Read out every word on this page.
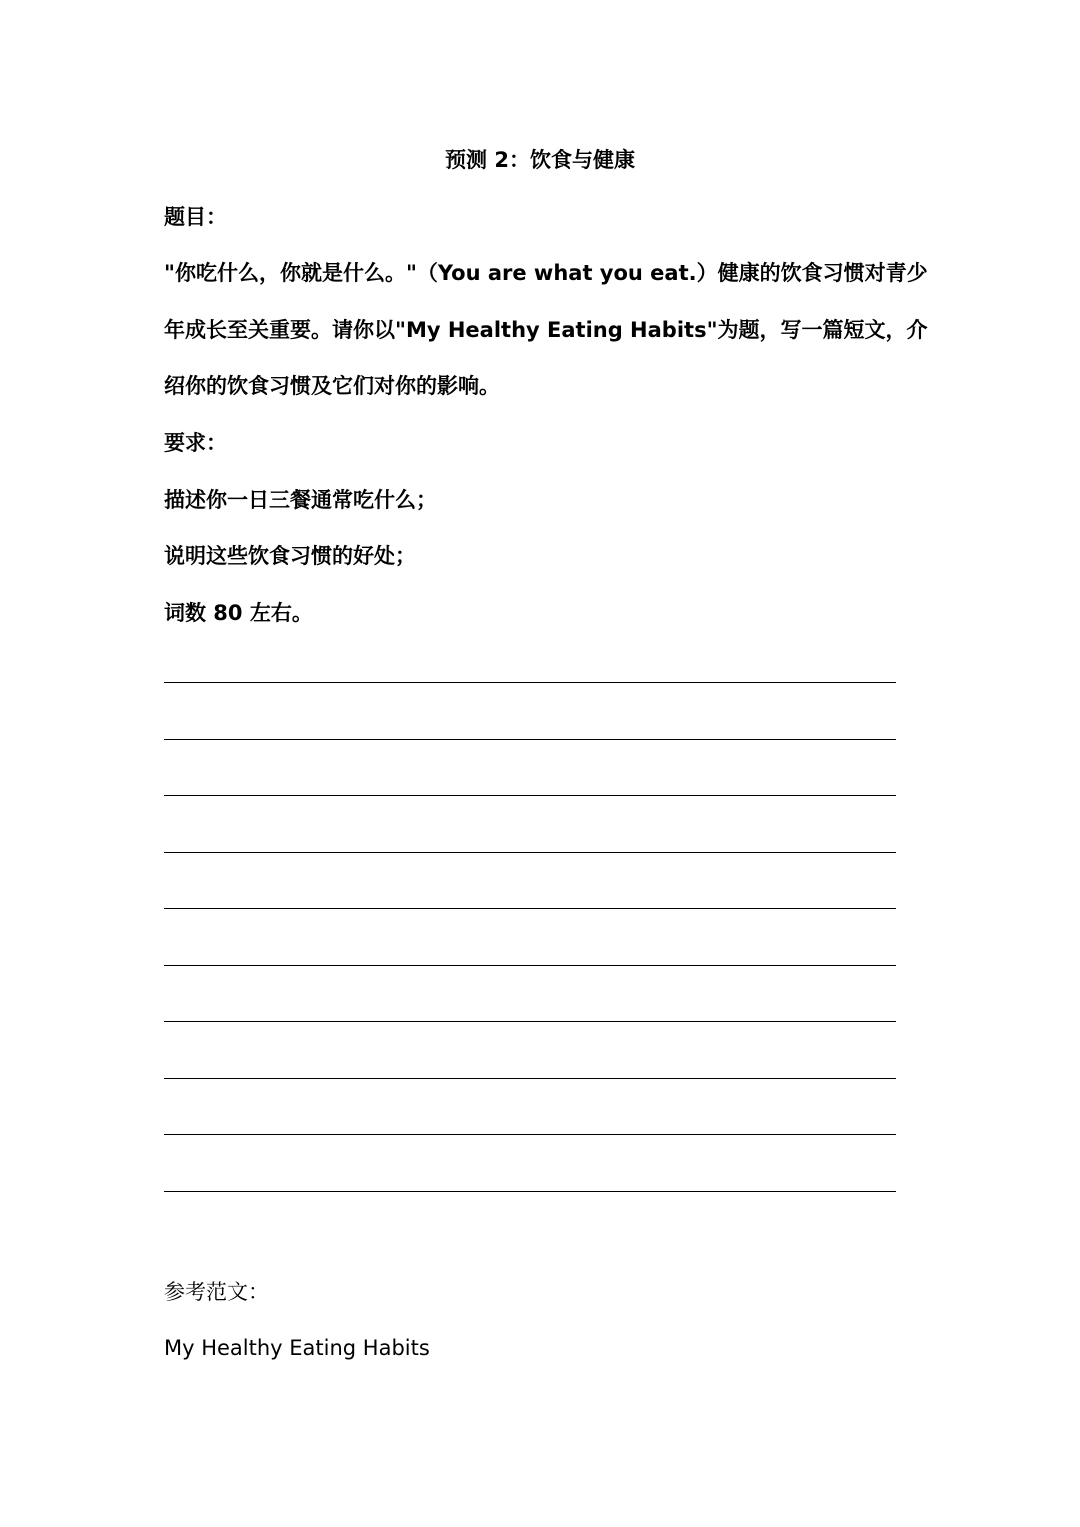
预测 2：饮食与健康
题目：
"你吃什么，你就是什么。"（You are what you eat.）健康的饮食习惯对青少
年成长至关重要。请你以"My Healthy Eating Habits"为题，写一篇短文，介
绍你的饮食习惯及它们对你的影响。
要求：
描述你一日三餐通常吃什么；
说明这些饮食习惯的好处；
词数 80 左右。
参考范文：
My Healthy Eating Habits
